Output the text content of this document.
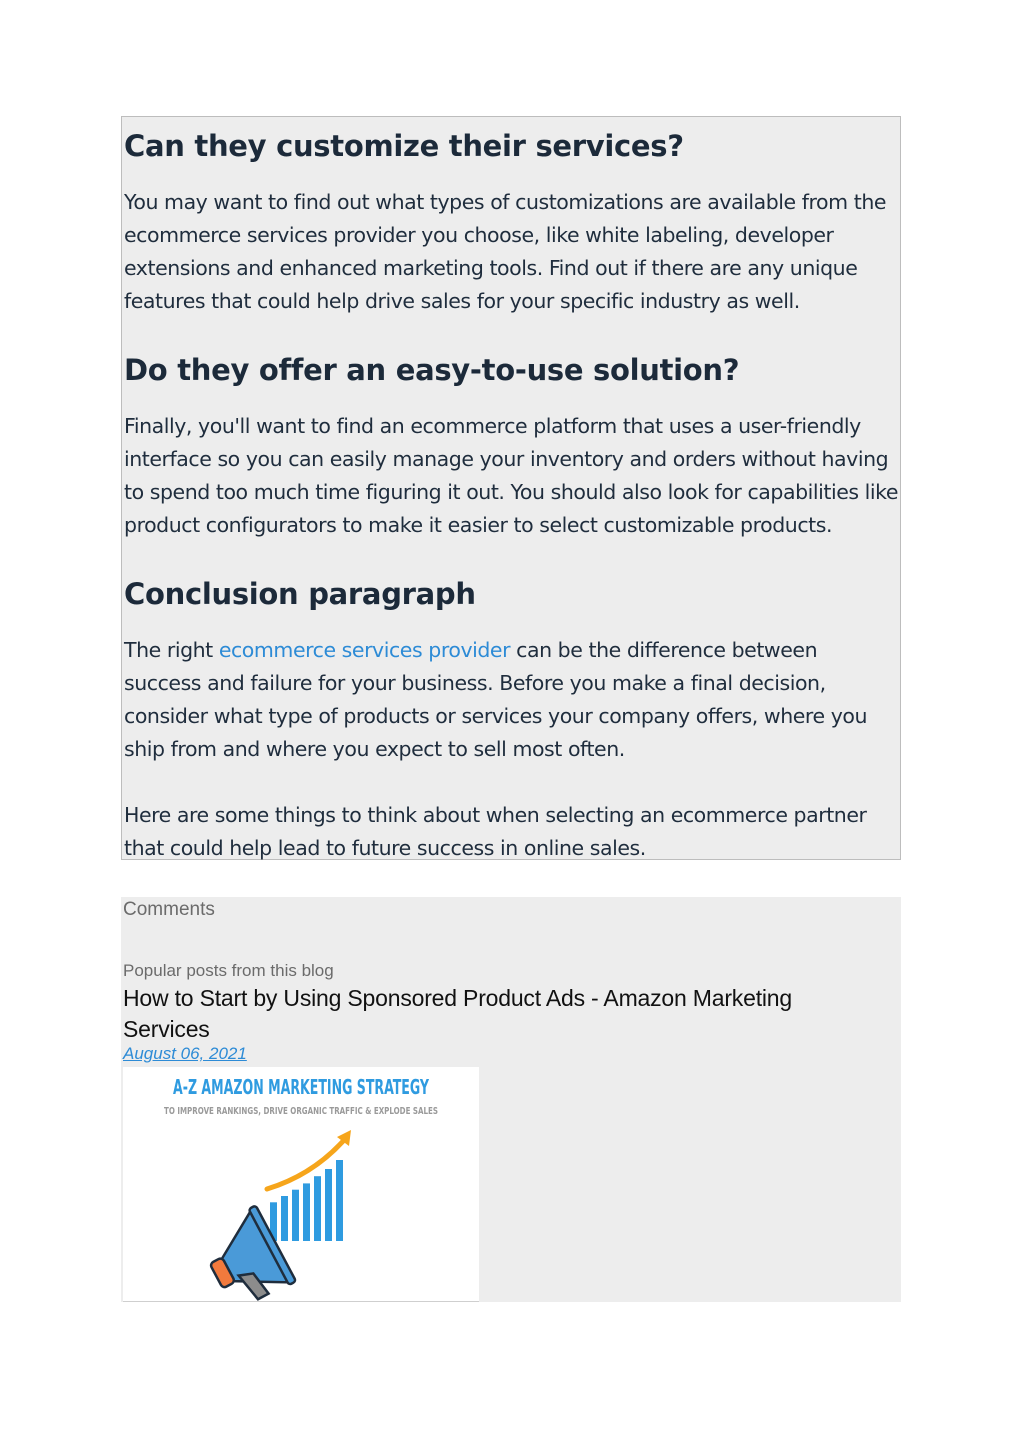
Can they customize their services?

You may want to find out what types of customizations are available from the ecommerce services provider you choose, like white labeling, developer extensions and enhanced marketing tools. Find out if there are any unique features that could help drive sales for your specific industry as well.

Do they offer an easy-to-use solution?

Finally, you'll want to find an ecommerce platform that uses a user-friendly interface so you can easily manage your inventory and orders without having to spend too much time figuring it out. You should also look for capabilities like product configurators to make it easier to select customizable products.

Conclusion paragraph

The right ecommerce services provider can be the difference between success and failure for your business. Before you make a final decision, consider what type of products or services your company offers, where you ship from and where you expect to sell most often.

Here are some things to think about when selecting an ecommerce partner that could help lead to future success in online sales.

Comments
Popular posts from this blog
How to Start by Using Sponsored Product Ads - Amazon Marketing Services
August 06, 2021
A-Z AMAZON MARKETING STRATEGY
TO IMPROVE RANKINGS, DRIVE ORGANIC TRAFFIC & EXPLODE SALES
